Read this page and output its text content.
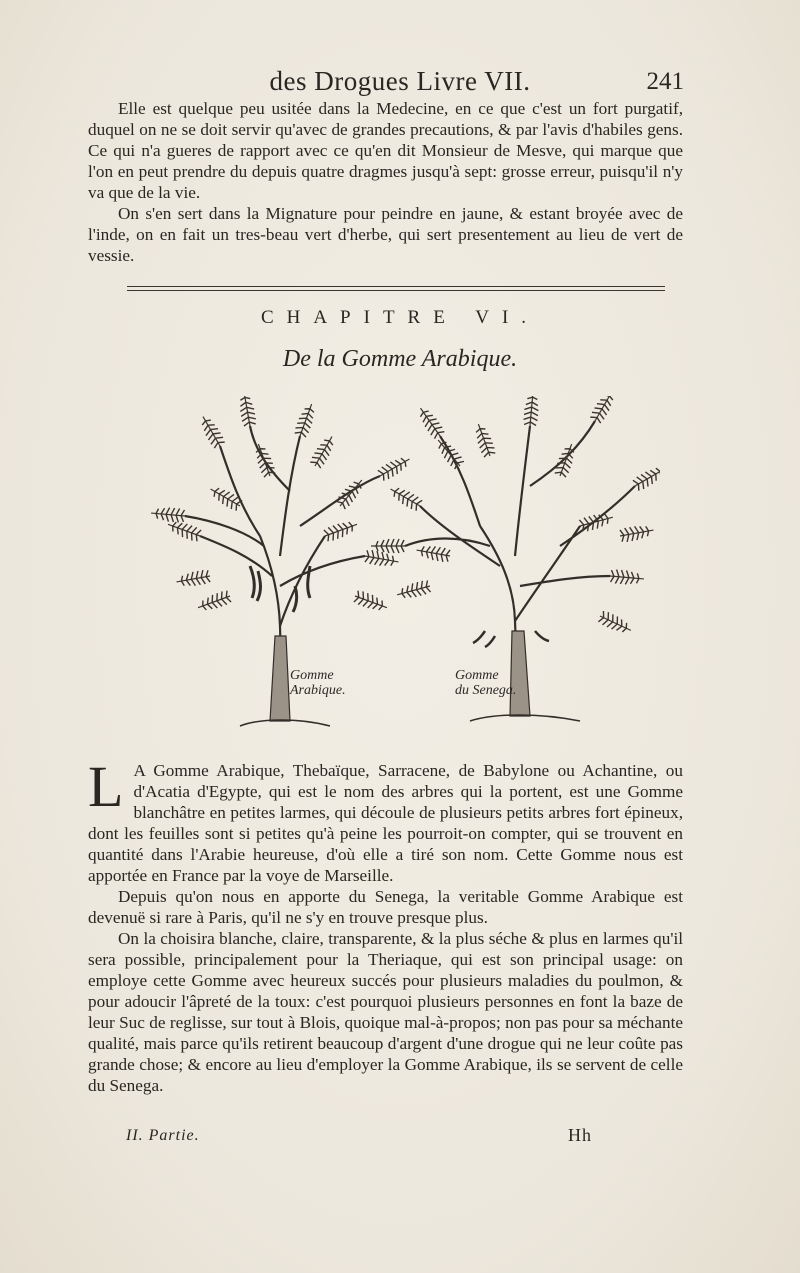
des Drogues Livre VII.	241

Elle est quelque peu usitée dans la Medecine, en ce que c'est un fort purgatif, duquel on ne se doit servir qu'avec de grandes precautions, & par l'avis d'habiles gens. Ce qui n'a gueres de rapport avec ce qu'en dit Monsieur de Mesve, qui marque que l'on en peut prendre du depuis quatre dragmes jusqu'à sept: grosse erreur, puisqu'il n'y va que de la vie.

On s'en sert dans la Mignature pour peindre en jaune, & estant broyée avec de l'inde, on en fait un tres-beau vert d'herbe, qui sert presentement au lieu de vert de vessie.

CHAPITRE VI.
De la Gomme Arabique.
Gomme
Arabique.
Gomme
du Senega.

L A Gomme Arabique, Thebaïque, Sarracene, de Babylone ou Achantine, ou d'Acatia d'Egypte, qui est le nom des arbres qui la portent, est une Gomme blanchâtre en petites larmes, qui découle de plusieurs petits arbres fort épineux, dont les feuilles sont si petites qu'à peine les pourroit-on compter, qui se trouvent en quantité dans l'Arabie heureuse, d'où elle a tiré son nom. Cette Gomme nous est apportée en France par la voye de Marseille.

Depuis qu'on nous en apporte du Senega, la veritable Gomme Arabique est devenuë si rare à Paris, qu'il ne s'y en trouve presque plus.

On la choisira blanche, claire, transparente, & la plus séche & plus en larmes qu'il sera possible, principalement pour la Theriaque, qui est son principal usage: on employe cette Gomme avec heureux succés pour plusieurs maladies du poulmon, & pour adoucir l'âpreté de la toux: c'est pourquoi plusieurs personnes en font la baze de leur Suc de reglisse, sur tout à Blois, quoique mal-à-propos; non pas pour sa méchante qualité, mais parce qu'ils retirent beaucoup d'argent d'une drogue qui ne leur coûte pas grande chose; & encore au lieu d'employer la Gomme Arabique, ils se servent de celle du Senega.

II. Partie.	Hh
